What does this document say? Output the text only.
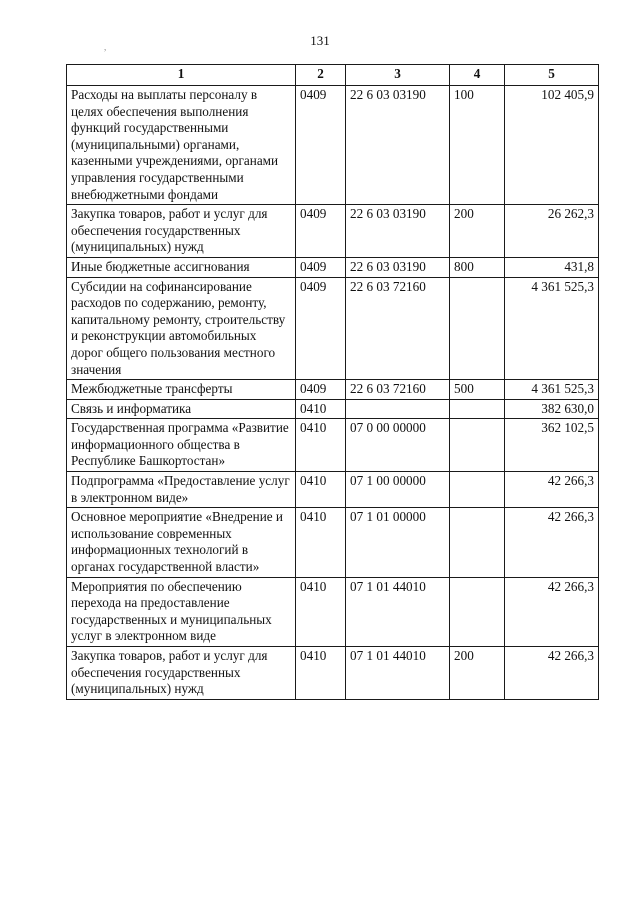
131
,
1	2	3	4	5
Расходы на выплаты персоналу в целях обеспечения выполнения функций государственными (муниципальными) органами, казенными учреждениями, органами управления государственными внебюджетными фондами	0409	22 6 03 03190	100	102 405,9
Закупка товаров, работ и услуг для обеспечения государственных (муниципальных) нужд	0409	22 6 03 03190	200	26 262,3
Иные бюджетные ассигнования	0409	22 6 03 03190	800	431,8
Субсидии на софинансирование расходов по содержанию, ремонту, капитальному ремонту, строительству и реконструкции автомобильных дорог общего пользования местного значения	0409	22 6 03 72160		4 361 525,3
Межбюджетные трансферты	0409	22 6 03 72160	500	4 361 525,3
Связь и информатика	0410			382 630,0
Государственная программа «Развитие информационного общества в Республике Башкортостан»	0410	07 0 00 00000		362 102,5
Подпрограмма «Предоставление услуг в электронном виде»	0410	07 1 00 00000		42 266,3
Основное мероприятие «Внедрение и использование современных информационных технологий в органах государственной власти»	0410	07 1 01 00000		42 266,3
Мероприятия по обеспечению перехода на предоставление государственных и муниципальных услуг в электронном виде	0410	07 1 01 44010		42 266,3
Закупка товаров, работ и услуг для обеспечения государственных (муниципальных) нужд	0410	07 1 01 44010	200	42 266,3
